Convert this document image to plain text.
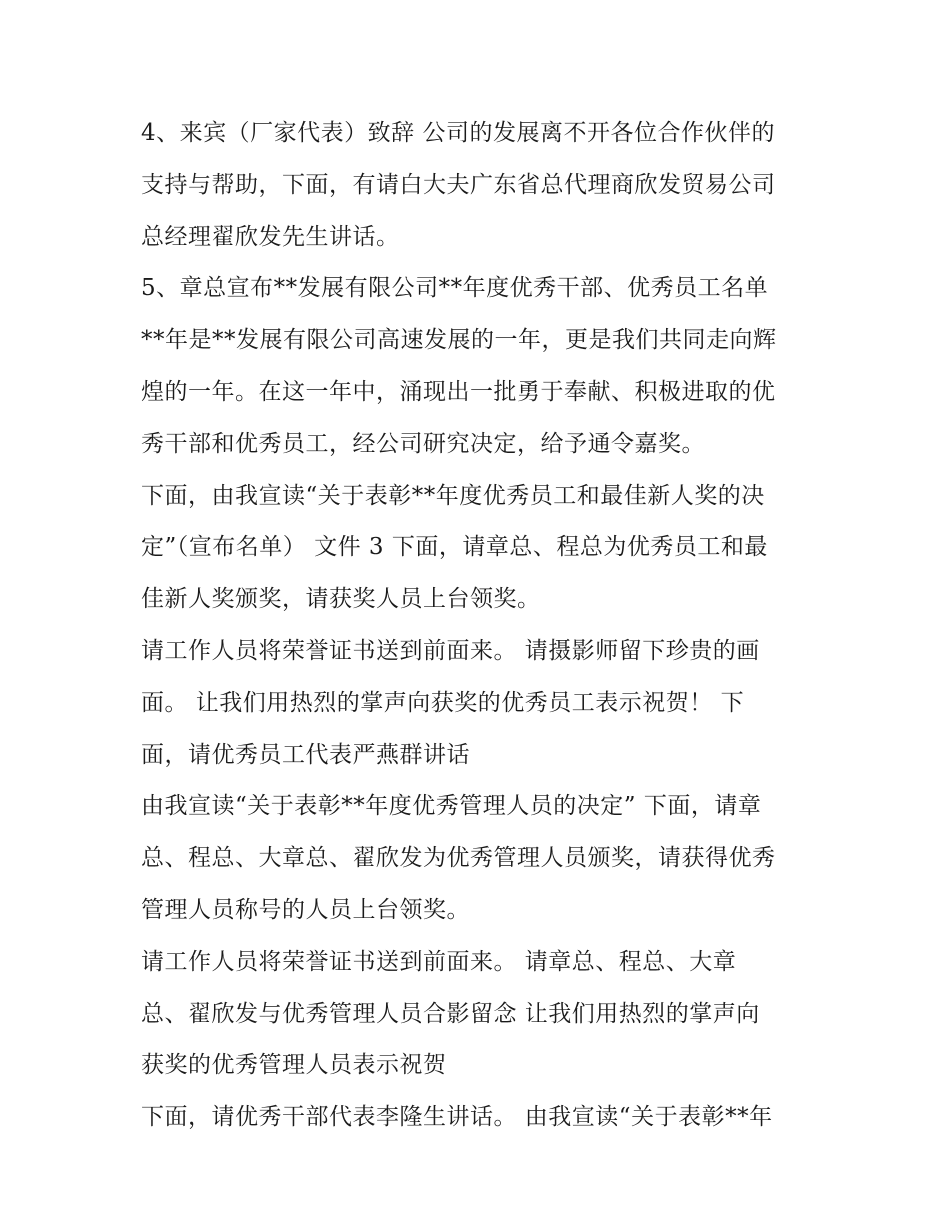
4、来宾（厂家代表）致辞 公司的发展离不开各位合作伙伴的
支持与帮助，下面，有请白大夫广东省总代理商欣发贸易公司
总经理翟欣发先生讲话。
5、章总宣布**发展有限公司**年度优秀干部、优秀员工名单
**年是**发展有限公司高速发展的一年，更是我们共同走向辉
煌的一年。在这一年中，涌现出一批勇于奉献、积极进取的优
秀干部和优秀员工，经公司研究决定，给予通令嘉奖。
下面，由我宣读“关于表彰**年度优秀员工和最佳新人奖的决
定”（宣布名单） 文件 3 下面，请章总、程总为优秀员工和最
佳新人奖颁奖，请获奖人员上台领奖。
请工作人员将荣誉证书送到前面来。 请摄影师留下珍贵的画
面。 让我们用热烈的掌声向获奖的优秀员工表示祝贺！ 下
面，请优秀员工代表严燕群讲话
由我宣读“关于表彰**年度优秀管理人员的决定” 下面，请章
总、程总、大章总、翟欣发为优秀管理人员颁奖，请获得优秀
管理人员称号的人员上台领奖。
请工作人员将荣誉证书送到前面来。 请章总、程总、大章
总、翟欣发与优秀管理人员合影留念 让我们用热烈的掌声向
获奖的优秀管理人员表示祝贺
下面，请优秀干部代表李隆生讲话。 由我宣读“关于表彰**年
